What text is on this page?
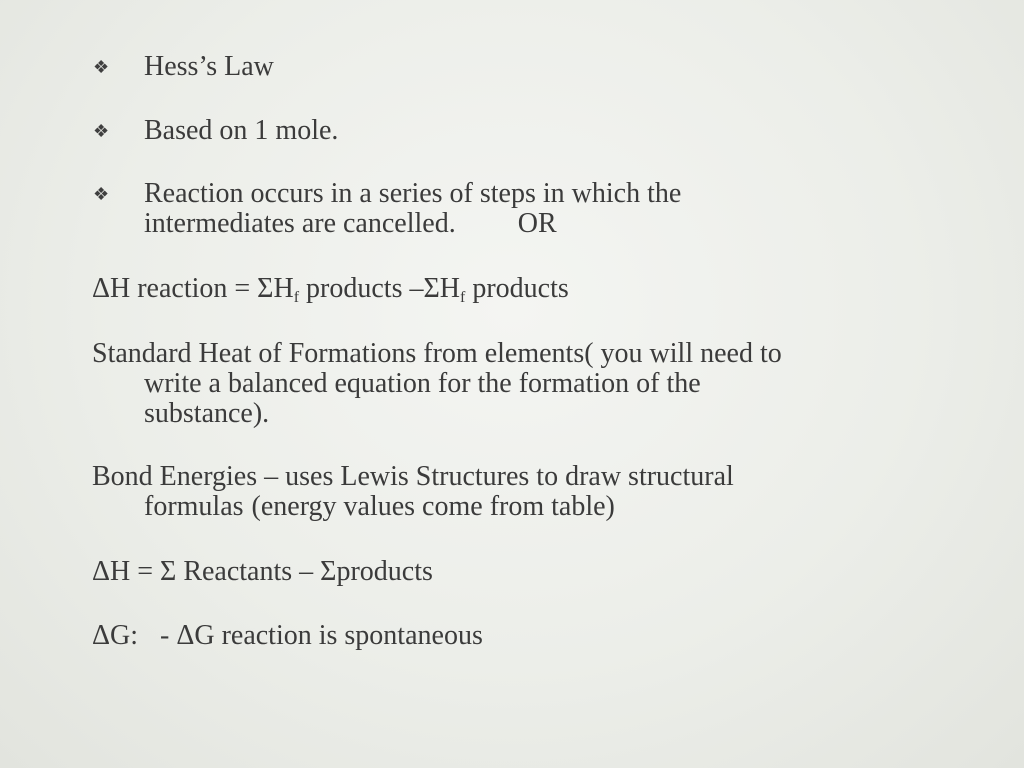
❖ Hess’s Law
❖ Based on 1 mole.
❖ Reaction occurs in a series of steps in which the
intermediates are cancelled. OR
ΔH reaction = $\Sigma H_f$ products $-\Sigma H_f$ products
Standard Heat of Formations from elements( you will need to
write a balanced equation for the formation of the
substance).
Bond Energies – uses Lewis Structures to draw structural
formulas (energy values come from table)
ΔH = Σ Reactants – Σproducts
ΔG: - ΔG reaction is spontaneous
